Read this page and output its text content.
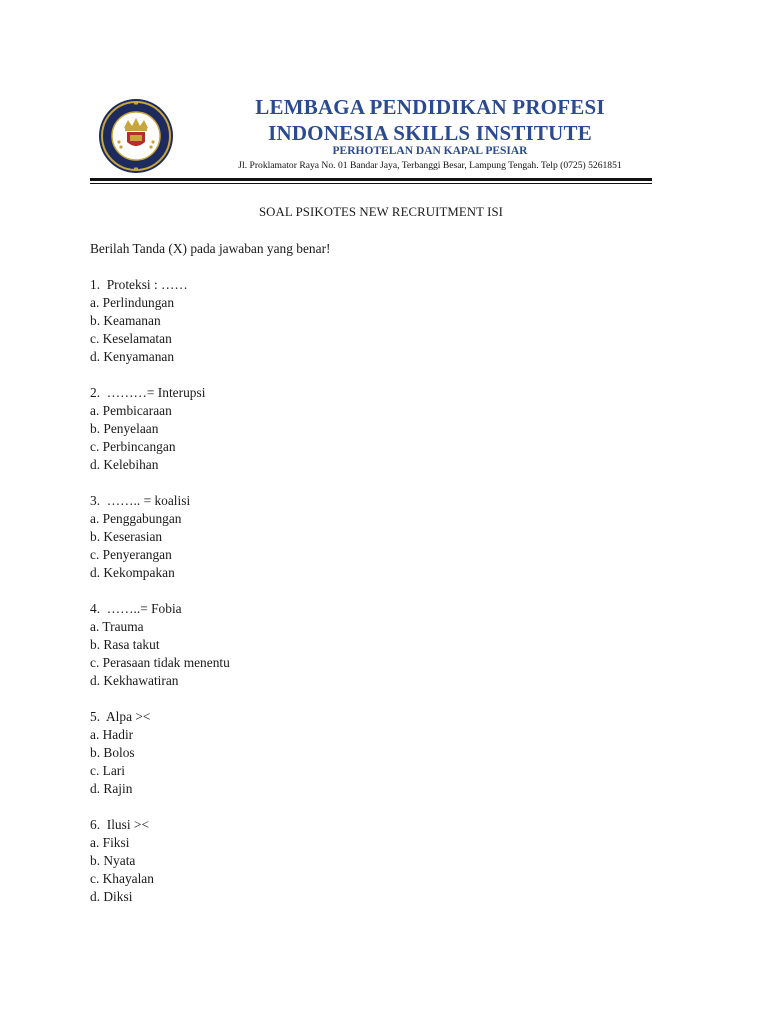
LEMBAGA PENDIDIKAN PROFESI
INDONESIA SKILLS INSTITUTE
PERHOTELAN DAN KAPAL PESIAR
Jl. Proklamator Raya No. 01 Bandar Jaya, Terbanggi Besar, Lampung Tengah. Telp (0725) 5261851
SOAL PSIKOTES NEW RECRUITMENT ISI
Berilah Tanda (X) pada jawaban yang benar!
1.  Proteksi : ……
a. Perlindungan
b. Keamanan
c. Keselamatan
d. Kenyamanan
2.  ………= Interupsi
a. Pembicaraan
b. Penyelaan
c. Perbincangan
d. Kelebihan
3.  …….. = koalisi
a. Penggabungan
b. Keserasian
c. Penyerangan
d. Kekompakan
4.  ……..= Fobia
a. Trauma
b. Rasa takut
c. Perasaan tidak menentu
d. Kekhawatiran
5.  Alpa ><
a. Hadir
b. Bolos
c. Lari
d. Rajin
6.  Ilusi ><
a. Fiksi
b. Nyata
c. Khayalan
d. Diksi
